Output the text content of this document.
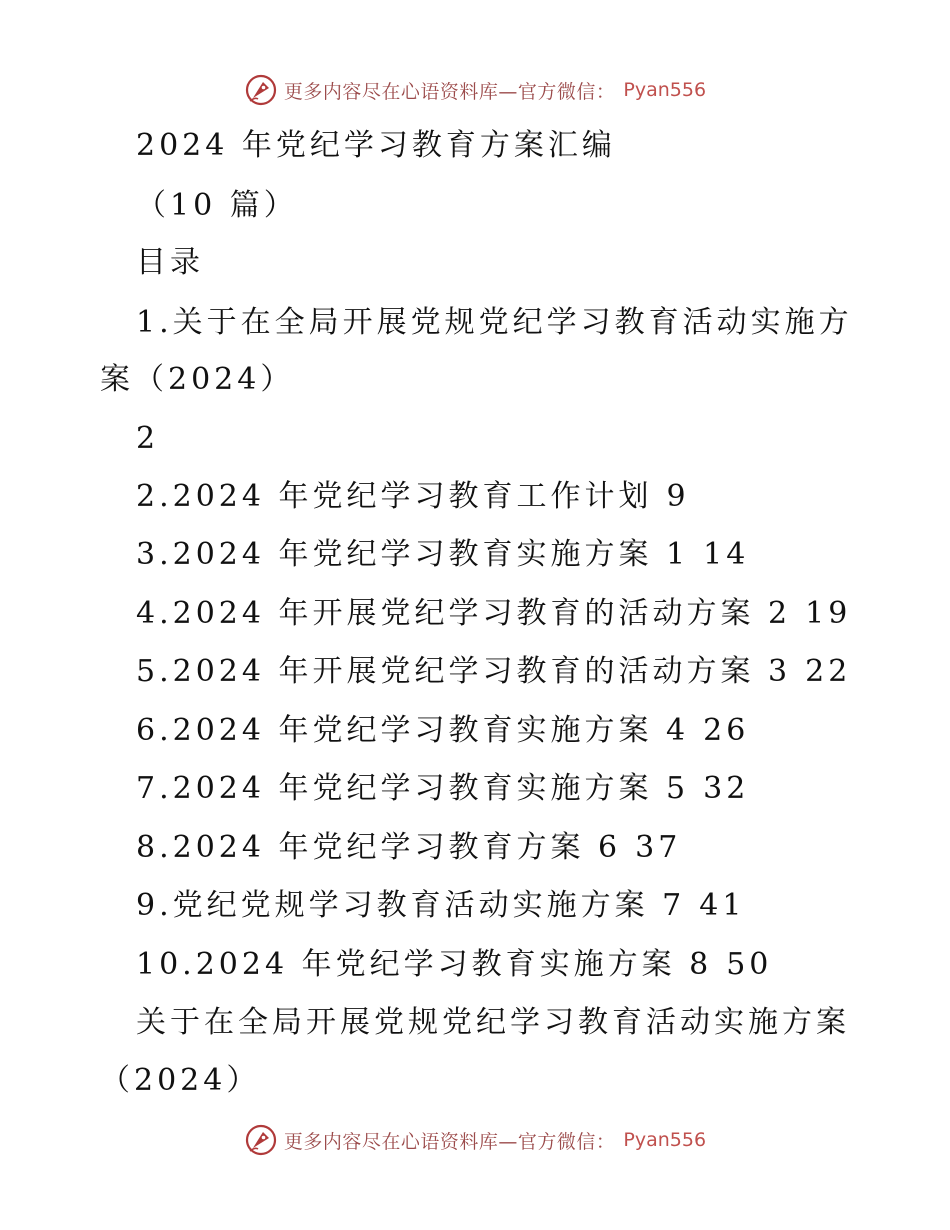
更多内容尽在心语资料库—官方微信： Pyan556

2024 年党纪学习教育方案汇编

（10 篇）

目录

1.关于在全局开展党规党纪学习教育活动实施方

案（2024）

2

2.2024 年党纪学习教育工作计划 9

3.2024 年党纪学习教育实施方案 1 14

4.2024 年开展党纪学习教育的活动方案 2 19

5.2024 年开展党纪学习教育的活动方案 3 22

6.2024 年党纪学习教育实施方案 4 26

7.2024 年党纪学习教育实施方案 5 32

8.2024 年党纪学习教育方案 6 37

9.党纪党规学习教育活动实施方案 7 41

10.2024 年党纪学习教育实施方案 8 50

关于在全局开展党规党纪学习教育活动实施方案

（2024）

更多内容尽在心语资料库—官方微信： Pyan556
